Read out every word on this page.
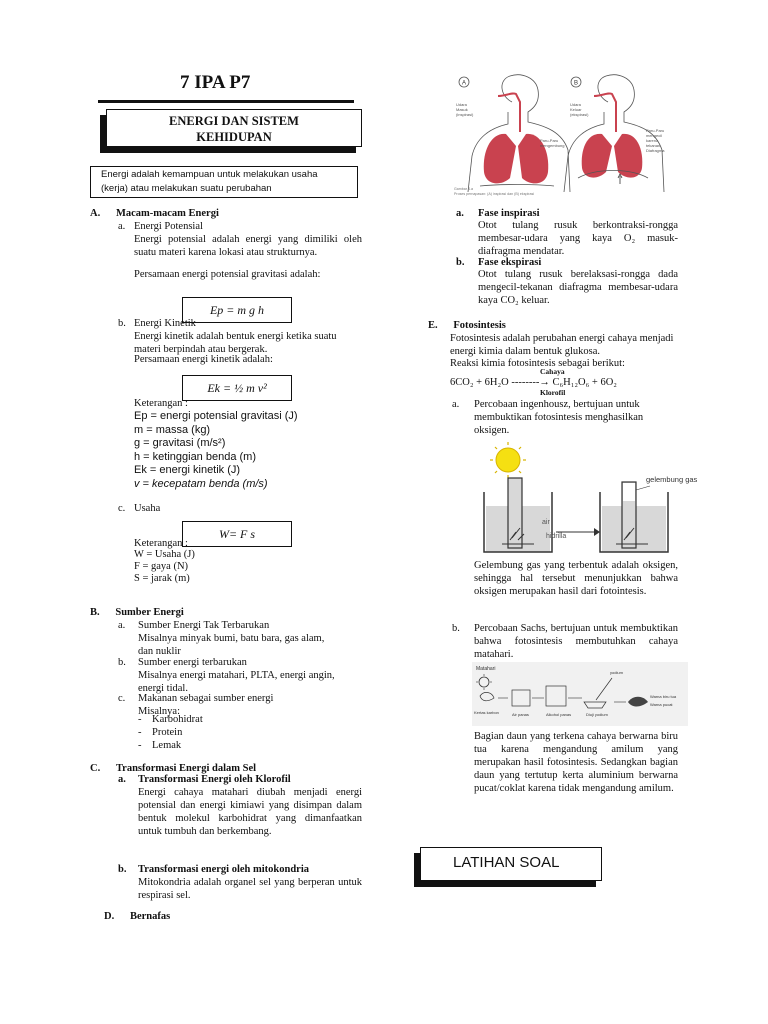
7 IPA P7
ENERGI DAN SISTEM KEHIDUPAN
Energi adalah kemampuan untuk melakukan usaha (kerja) atau melakukan suatu perubahan
A.      Macam-macam Energi
a. Energi Potensial
Energi potensial adalah energi yang dimiliki oleh suatu materi karena lokasi atau strukturnya.
Persamaan energi potensial gravitasi adalah:
Ep = m g h
b. Energi Kinetik
Energi kinetik adalah bentuk energi ketika suatu materi berpindah atau bergerak.
Persamaan energi kinetik adalah:
Ek = ½ m v²
Keterangan :
Ep = energi potensial gravitasi (J)
m = massa (kg)
g = gravitasi (m/s²)
h = ketinggian benda (m)
Ek = energi kinetik (J)
v = kecepatam benda (m/s)
c. Usaha
W= F s
Keterangan :
W = Usaha (J)
F = gaya (N)
S = jarak (m)
B.      Sumber Energi
a. Sumber Energi Tak Terbarukan
Misalnya minyak bumi, batu bara, gas alam, dan nuklir
b. Sumber energi terbarukan
Misalnya energi matahari, PLTA, energi angin, energi tidal.
c. Makanan sebagai sumber energi
Misalnya:
- Karbohidrat
- Protein
- Lemak
C.      Transformasi Energi dalam Sel
a. Transformasi Energi oleh Klorofil
Energi cahaya matahari diubah menjadi energi potensial dan energi kimiawi yang disimpan dalam bentuk molekul karbohidrat yang dimanfaatkan untuk tumbuh dan berkembang.
b. Transformasi energi oleh mitokondria
Mitokondria adalah organel sel yang berperan untuk respirasi sel.
D.      Bernafas
A
Udara
Masuk
(inspirasi)
Paru-Paru
mengembung
B
Udara
Keluar
(ekspirasi)
Paru-Paru
mengecil
karena
tekanan
Diafragma
Gambar 4.a
Proses pernapasan: (A) inspirasi dan (B) ekspirasi
a. Fase inspirasi
Otot tulang rusuk berkontraksi-rongga membesar-udara yang kaya O₂ masuk-diafragma mendatar.
b. Fase ekspirasi
Otot tulang rusuk berelaksasi-rongga dada mengecil-tekanan diafragma membesar-udara kaya CO₂ keluar.
E.      Fotosintesis
Fotosintesis adalah perubahan energi cahaya menjadi energi kimia dalam bentuk glukosa.
Reaksi kimia fotosintesis sebagai berikut:
Cahaya
6CO₂ + 6H₂O --------→ C₆H₁₂O₆ + 6O₂
Klorofil
a. Percobaan ingenhousz, bertujuan untuk membuktikan fotosintesis menghasilkan oksigen.
air
hidrilla
gelembung gas
Gelembung gas yang terbentuk adalah oksigen, sehingga hal tersebut menunjukkan bahwa oksigen merupakan hasil dari fotointesis.
b. Percobaan Sachs, bertujuan untuk membuktikan bahwa fotosintesis membutuhkan cahaya matahari.
Matahari
Kertas karbon	Air panas	Alkohol panas	Diuji yodium
yodium
Warna biru tua
Warna pucat
Bagian daun yang terkena cahaya berwarna biru tua karena mengandung amilum yang merupakan hasil fotosintesis. Sedangkan bagian daun yang tertutup kerta aluminium berwarna pucat/coklat karena tidak mengandung amilum.
LATIHAN SOAL
